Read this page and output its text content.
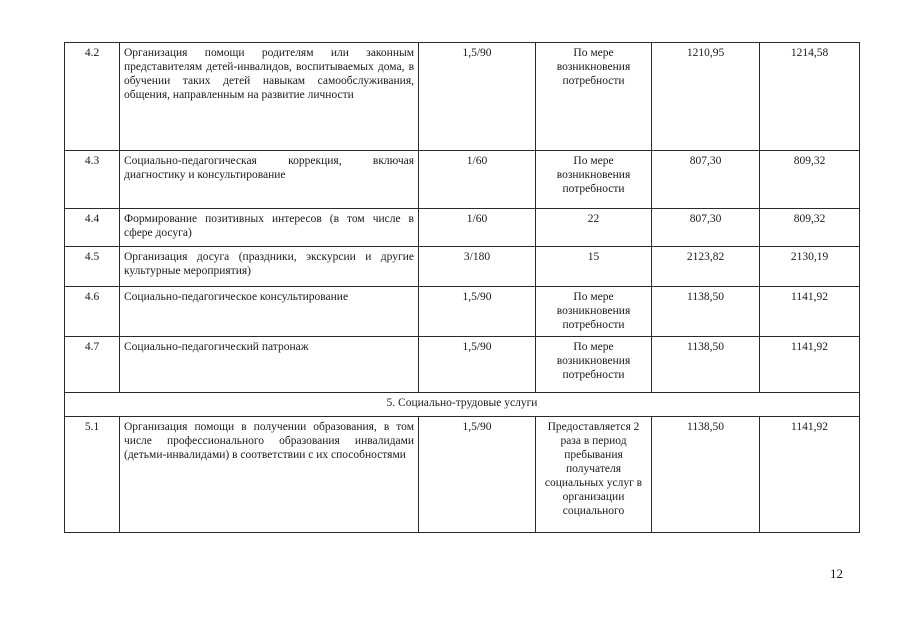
4.2	Организация помощи родителям или законным представителям детей-инвалидов, воспитываемых дома, в обучении таких детей навыкам самообслуживания, общения, направленным на развитие личности	1,5/90	По мере возникновения потребности	1210,95	1214,58
4.3	Социально-педагогическая коррекция, включая диагностику и консультирование	1/60	По мере возникновения потребности	807,30	809,32
4.4	Формирование позитивных интересов (в том числе в сфере досуга)	1/60	22	807,30	809,32
4.5	Организация досуга (праздники, экскурсии и другие культурные мероприятия)	3/180	15	2123,82	2130,19
4.6	Социально-педагогическое консультирование	1,5/90	По мере возникновения потребности	1138,50	1141,92
4.7	Социально-педагогический патронаж	1,5/90	По мере возникновения потребности	1138,50	1141,92
5. Социально-трудовые услуги					
5.1	Организация помощи в получении образования, в том числе профессионального образования инвалидами (детьми-инвалидами) в соответствии с их способностями	1,5/90	Предоставляется 2 раза в период пребывания получателя социальных услуг в организации социального	1138,50	1141,92
12
